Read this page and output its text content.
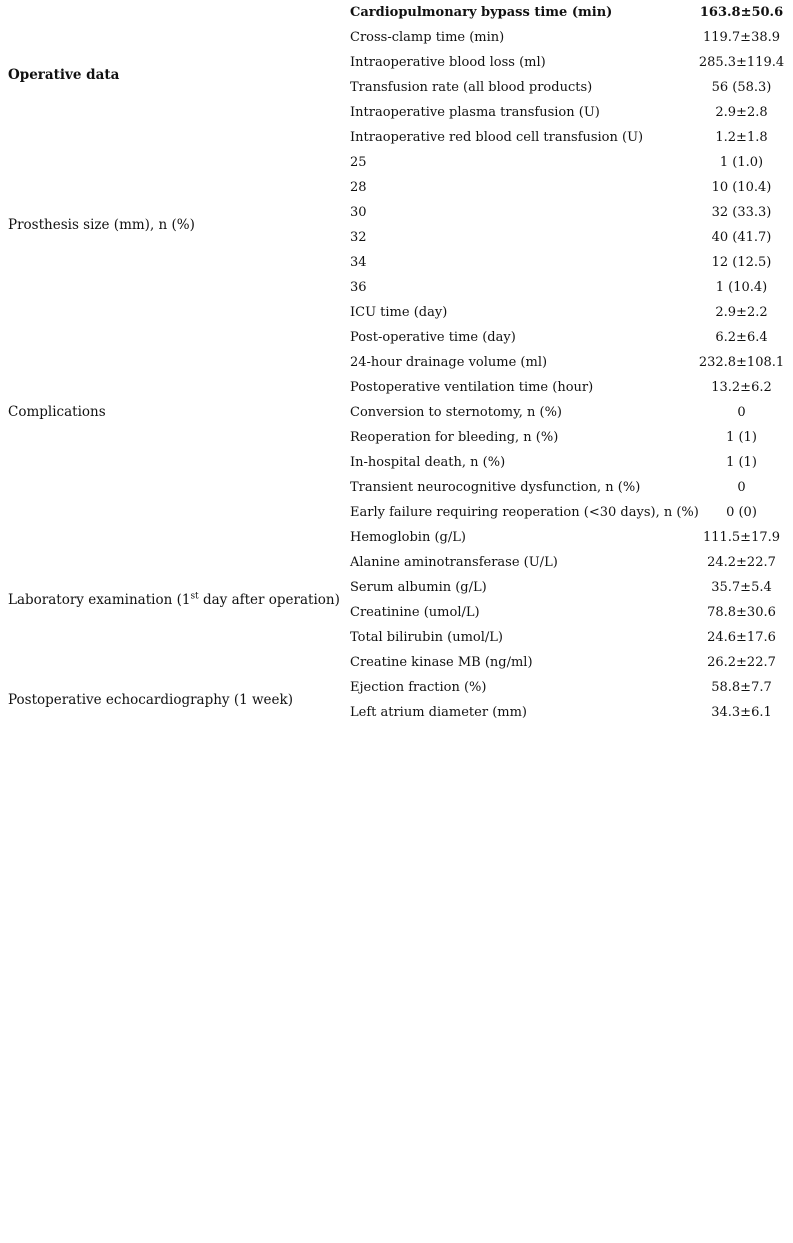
Operative data	Cardiopulmonary bypass time (min)	163.8±50.6
	Cross-clamp time (min)	119.7±38.9
	Intraoperative blood loss (ml)	285.3±119.4
	Transfusion rate (all blood products)	56 (58.3)
	Intraoperative plasma transfusion (U)	2.9±2.8
	Intraoperative red blood cell transfusion (U)	1.2±1.8
Prosthesis size (mm), n (%)	25	1 (1.0)
	28	10 (10.4)
	30	32 (33.3)
	32	40 (41.7)
	34	12 (12.5)
	36	1 (10.4)
Complications	ICU time (day)	2.9±2.2
	Post-operative time (day)	6.2±6.4
	24-hour drainage volume (ml)	232.8±108.1
	Postoperative ventilation time (hour)	13.2±6.2
	Conversion to sternotomy, n (%)	0
	Reoperation for bleeding, n (%)	1 (1)
	In-hospital death, n (%)	1 (1)
	Transient neurocognitive dysfunction, n (%)	0
	Early failure requiring reoperation (<30 days), n (%)	0 (0)
Laboratory examination (1st day after operation)	Hemoglobin (g/L)	111.5±17.9
	Alanine aminotransferase (U/L)	24.2±22.7
	Serum albumin (g/L)	35.7±5.4
	Creatinine (umol/L)	78.8±30.6
	Total bilirubin (umol/L)	24.6±17.6
	Creatine kinase MB (ng/ml)	26.2±22.7
Postoperative echocardiography (1 week)	Ejection fraction (%)	58.8±7.7
	Left atrium diameter (mm)	34.3±6.1
